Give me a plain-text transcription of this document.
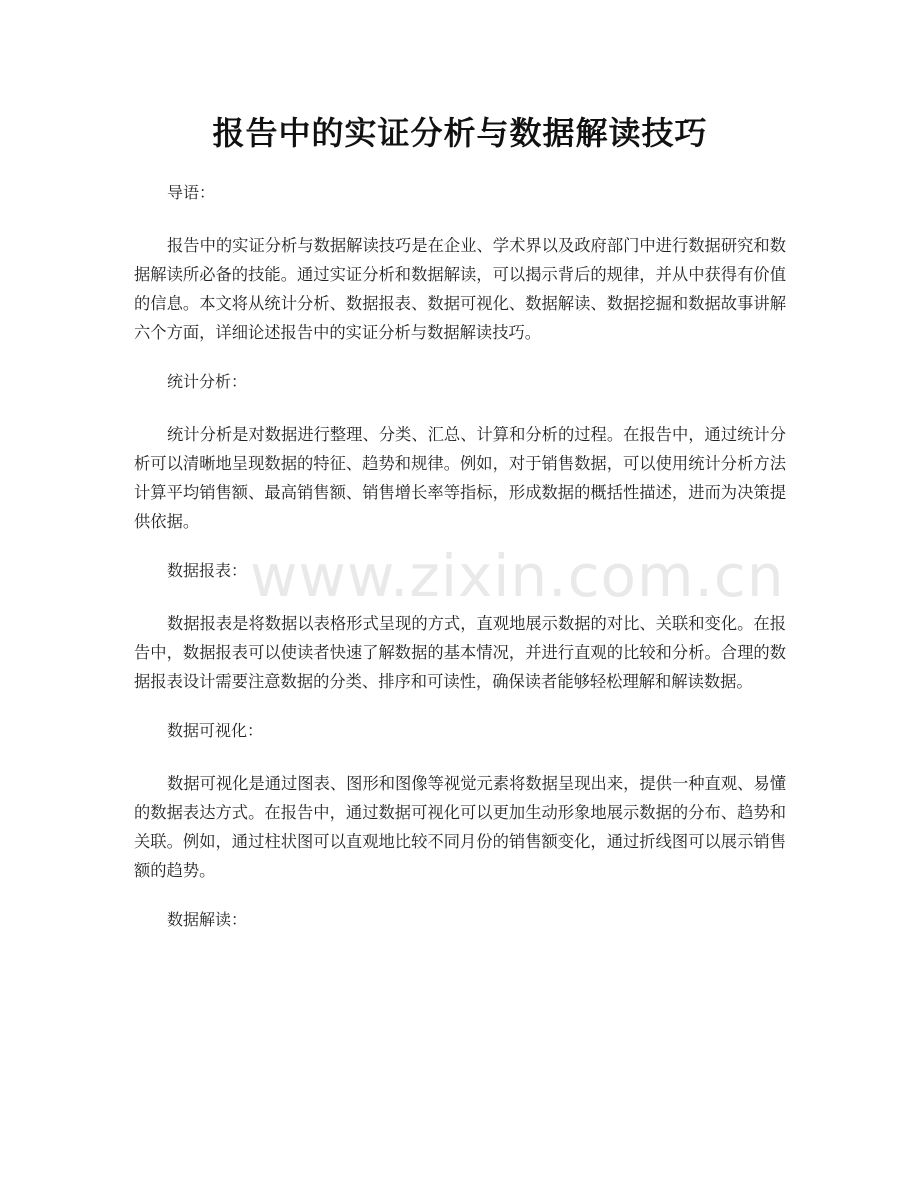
报告中的实证分析与数据解读技巧
www.zixin.com.cn

导语：

报告中的实证分析与数据解读技巧是在企业、学术界以及政府部门中进行数据研究和数据解读所必备的技能。通过实证分析和数据解读，可以揭示背后的规律，并从中获得有价值的信息。本文将从统计分析、数据报表、数据可视化、数据解读、数据挖掘和数据故事讲解六个方面，详细论述报告中的实证分析与数据解读技巧。

统计分析：

统计分析是对数据进行整理、分类、汇总、计算和分析的过程。在报告中，通过统计分析可以清晰地呈现数据的特征、趋势和规律。例如，对于销售数据，可以使用统计分析方法计算平均销售额、最高销售额、销售增长率等指标，形成数据的概括性描述，进而为决策提供依据。

数据报表：

数据报表是将数据以表格形式呈现的方式，直观地展示数据的对比、关联和变化。在报告中，数据报表可以使读者快速了解数据的基本情况，并进行直观的比较和分析。合理的数据报表设计需要注意数据的分类、排序和可读性，确保读者能够轻松理解和解读数据。

数据可视化：

数据可视化是通过图表、图形和图像等视觉元素将数据呈现出来，提供一种直观、易懂的数据表达方式。在报告中，通过数据可视化可以更加生动形象地展示数据的分布、趋势和关联。例如，通过柱状图可以直观地比较不同月份的销售额变化，通过折线图可以展示销售额的趋势。

数据解读：
